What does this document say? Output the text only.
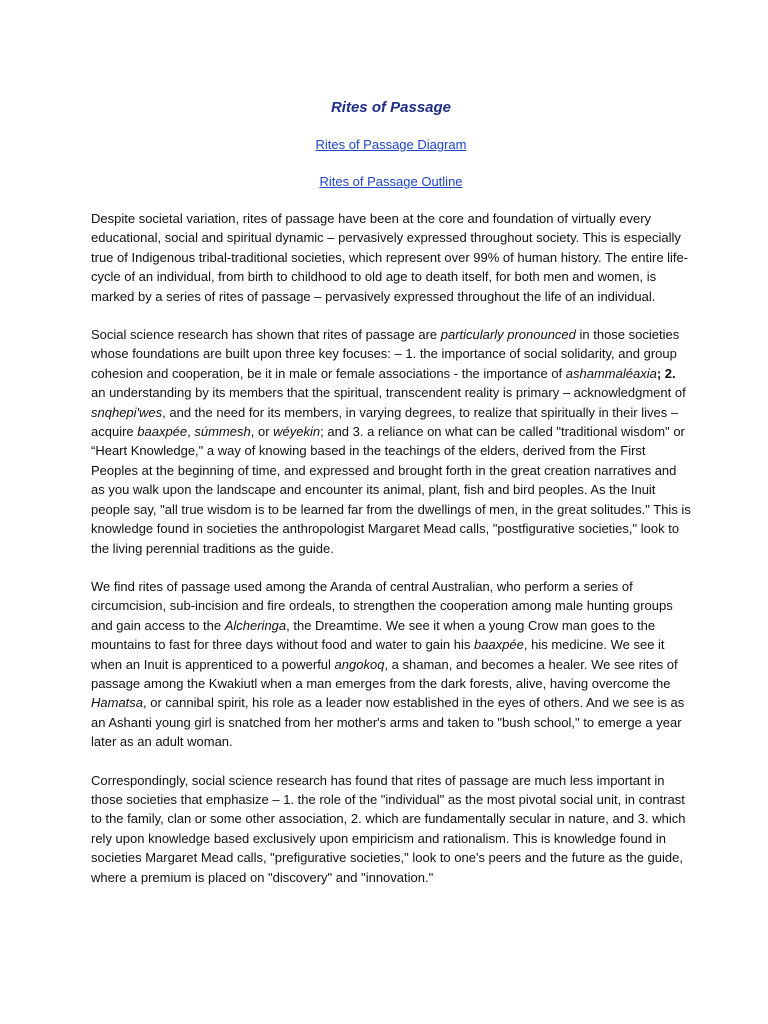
Rites of Passage

Rites of Passage Diagram

Rites of Passage Outline

Despite societal variation, rites of passage have been at the core and foundation of virtually every educational, social and spiritual dynamic – pervasively expressed throughout society. This is especially true of Indigenous tribal-traditional societies, which represent over 99% of human history. The entire life-cycle of an individual, from birth to childhood to old age to death itself, for both men and women, is marked by a series of rites of passage – pervasively expressed throughout the life of an individual.

Social science research has shown that rites of passage are particularly pronounced in those societies whose foundations are built upon three key focuses: – 1. the importance of social solidarity, and group cohesion and cooperation, be it in male or female associations - the importance of ashammaléaxia; 2. an understanding by its members that the spiritual, transcendent reality is primary – acknowledgment of snqhepi'wes, and the need for its members, in varying degrees, to realize that spiritually in their lives – acquire baaxpée, súmmesh, or wéyekin; and 3. a reliance on what can be called "traditional wisdom" or “Heart Knowledge," a way of knowing based in the teachings of the elders, derived from the First Peoples at the beginning of time, and expressed and brought forth in the great creation narratives and as you walk upon the landscape and encounter its animal, plant, fish and bird peoples. As the Inuit people say, "all true wisdom is to be learned far from the dwellings of men, in the great solitudes." This is knowledge found in societies the anthropologist Margaret Mead calls, "postfigurative societies," look to the living perennial traditions as the guide.

We find rites of passage used among the Aranda of central Australian, who perform a series of circumcision, sub-incision and fire ordeals, to strengthen the cooperation among male hunting groups and gain access to the Alcheringa, the Dreamtime. We see it when a young Crow man goes to the mountains to fast for three days without food and water to gain his baaxpée, his medicine. We see it when an Inuit is apprenticed to a powerful angokoq, a shaman, and becomes a healer. We see rites of passage among the Kwakiutl when a man emerges from the dark forests, alive, having overcome the Hamatsa, or cannibal spirit, his role as a leader now established in the eyes of others. And we see is as an Ashanti young girl is snatched from her mother's arms and taken to "bush school," to emerge a year later as an adult woman.

Correspondingly, social science research has found that rites of passage are much less important in those societies that emphasize – 1. the role of the "individual" as the most pivotal social unit, in contrast to the family, clan or some other association, 2. which are fundamentally secular in nature, and 3. which rely upon knowledge based exclusively upon empiricism and rationalism. This is knowledge found in societies Margaret Mead calls, "prefigurative societies," look to one's peers and the future as the guide, where a premium is placed on "discovery" and "innovation."
